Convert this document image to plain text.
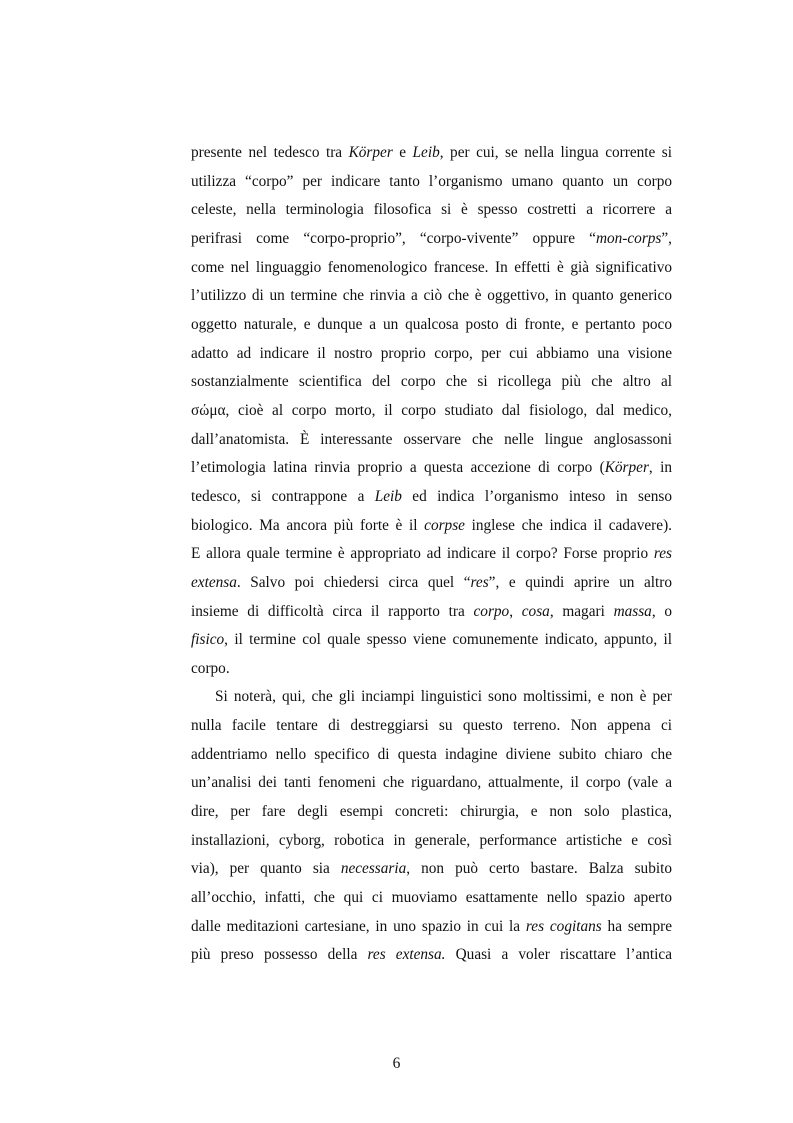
presente nel tedesco tra Körper e Leib, per cui, se nella lingua corrente si
utilizza “corpo” per indicare tanto l’organismo umano quanto un corpo
celeste, nella terminologia filosofica si è spesso costretti a ricorrere a
perifrasi come “corpo-proprio”, “corpo-vivente” oppure “mon-corps”,
come nel linguaggio fenomenologico francese. In effetti è già significativo
l’utilizzo di un termine che rinvia a ciò che è oggettivo, in quanto generico
oggetto naturale, e dunque a un qualcosa posto di fronte, e pertanto poco
adatto ad indicare il nostro proprio corpo, per cui abbiamo una visione
sostanzialmente scientifica del corpo che si ricollega più che altro al
σώμα, cioè al corpo morto, il corpo studiato dal fisiologo, dal medico,
dall’anatomista. È interessante osservare che nelle lingue anglosassoni
l’etimologia latina rinvia proprio a questa accezione di corpo (Körper, in
tedesco, si contrappone a Leib ed indica l’organismo inteso in senso
biologico. Ma ancora più forte è il corpse inglese che indica il cadavere).
E allora quale termine è appropriato ad indicare il corpo? Forse proprio res
extensa. Salvo poi chiedersi circa quel “res”, e quindi aprire un altro
insieme di difficoltà circa il rapporto tra corpo, cosa, magari massa, o
fisico, il termine col quale spesso viene comunemente indicato, appunto, il
corpo.

Si noterà, qui, che gli inciampi linguistici sono moltissimi, e non è per
nulla facile tentare di destreggiarsi su questo terreno. Non appena ci
addentriamo nello specifico di questa indagine diviene subito chiaro che
un’analisi dei tanti fenomeni che riguardano, attualmente, il corpo (vale a
dire, per fare degli esempi concreti: chirurgia, e non solo plastica,
installazioni, cyborg, robotica in generale, performance artistiche e così
via), per quanto sia necessaria, non può certo bastare. Balza subito
all’occhio, infatti, che qui ci muoviamo esattamente nello spazio aperto
dalle meditazioni cartesiane, in uno spazio in cui la res cogitans ha sempre
più preso possesso della res extensa. Quasi a voler riscattare l’antica

6
